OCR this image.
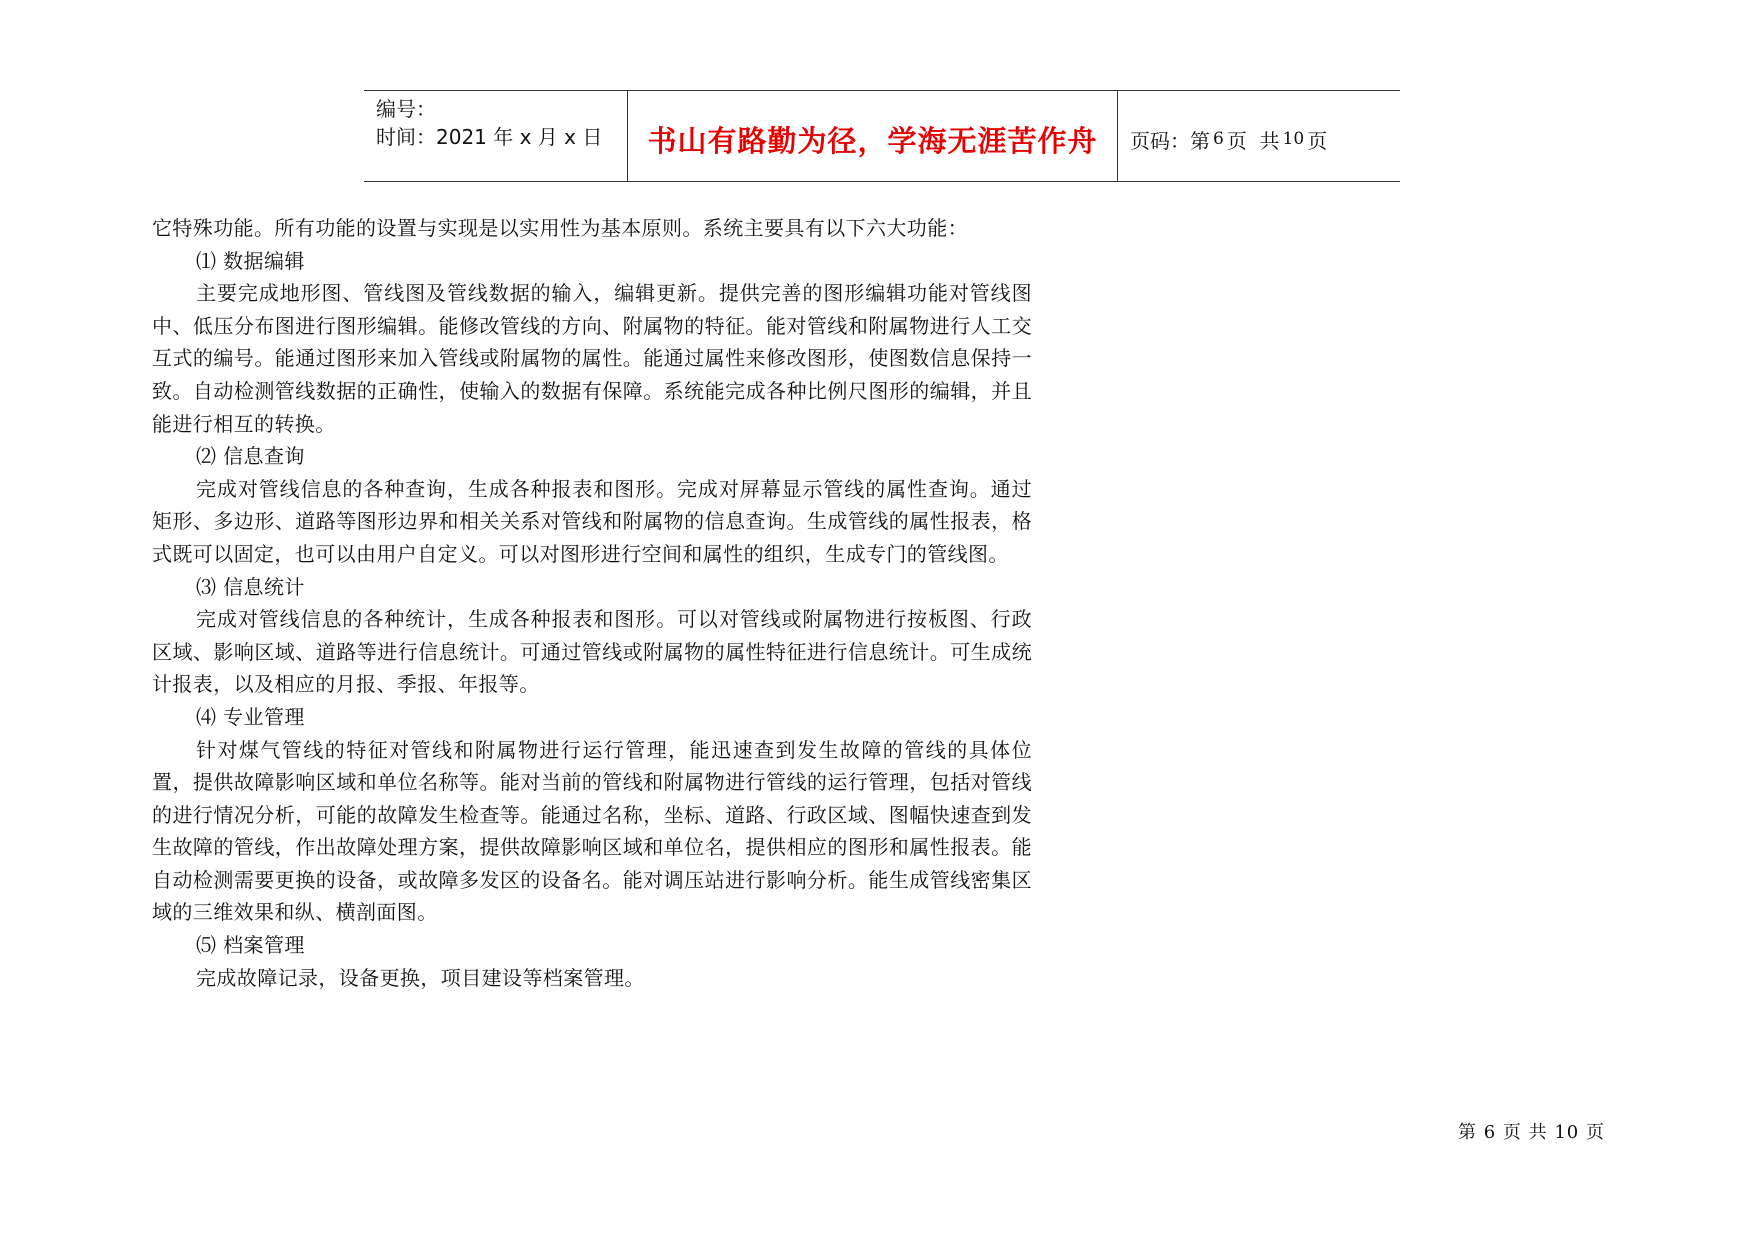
编号：
时间：2021 年 x 月 x 日	书山有路勤为径，学海无涯苦作舟	页码：第 6 页  共 10 页

它特殊功能。所有功能的设置与实现是以实用性为基本原则。系统主要具有以下六大功能：

⑴ 数据编辑

主要完成地形图、管线图及管线数据的输入，编辑更新。提供完善的图形编辑功能对管线图中、低压分布图进行图形编辑。能修改管线的方向、附属物的特征。能对管线和附属物进行人工交互式的编号。能通过图形来加入管线或附属物的属性。能通过属性来修改图形，使图数信息保持一致。自动检测管线数据的正确性，使输入的数据有保障。系统能完成各种比例尺图形的编辑，并且能进行相互的转换。

⑵ 信息查询

完成对管线信息的各种查询，生成各种报表和图形。完成对屏幕显示管线的属性查询。通过矩形、多边形、道路等图形边界和相关关系对管线和附属物的信息查询。生成管线的属性报表，格式既可以固定，也可以由用户自定义。可以对图形进行空间和属性的组织，生成专门的管线图。

⑶ 信息统计

完成对管线信息的各种统计，生成各种报表和图形。可以对管线或附属物进行按板图、行政区域、影响区域、道路等进行信息统计。可通过管线或附属物的属性特征进行信息统计。可生成统计报表，以及相应的月报、季报、年报等。

⑷ 专业管理

针对煤气管线的特征对管线和附属物进行运行管理，能迅速查到发生故障的管线的具体位置，提供故障影响区域和单位名称等。能对当前的管线和附属物进行管线的运行管理，包括对管线的进行情况分析，可能的故障发生检查等。能通过名称，坐标、道路、行政区域、图幅快速查到发生故障的管线，作出故障处理方案，提供故障影响区域和单位名，提供相应的图形和属性报表。能自动检测需要更换的设备，或故障多发区的设备名。能对调压站进行影响分析。能生成管线密集区域的三维效果和纵、横剖面图。

⑸ 档案管理

完成故障记录，设备更换，项目建设等档案管理。

第 6 页 共 10 页
